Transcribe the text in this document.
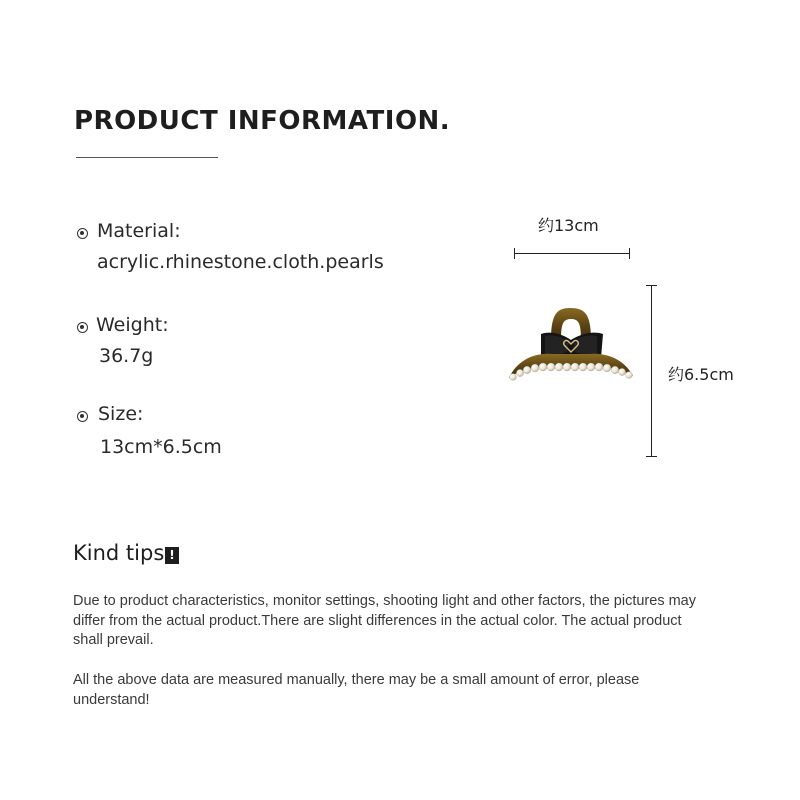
PRODUCT INFORMATION.
Material:
acrylic.rhinestone.cloth.pearls
Weight:
36.7g
Size:
13cm*6.5cm
约13cm
约6.5cm
Kind tips !
Due to product characteristics, monitor settings, shooting light and other factors, the pictures may differ from the actual product.There are slight differences in the actual color. The actual product shall prevail.
All the above data are measured manually, there may be a small amount of error, please understand!
